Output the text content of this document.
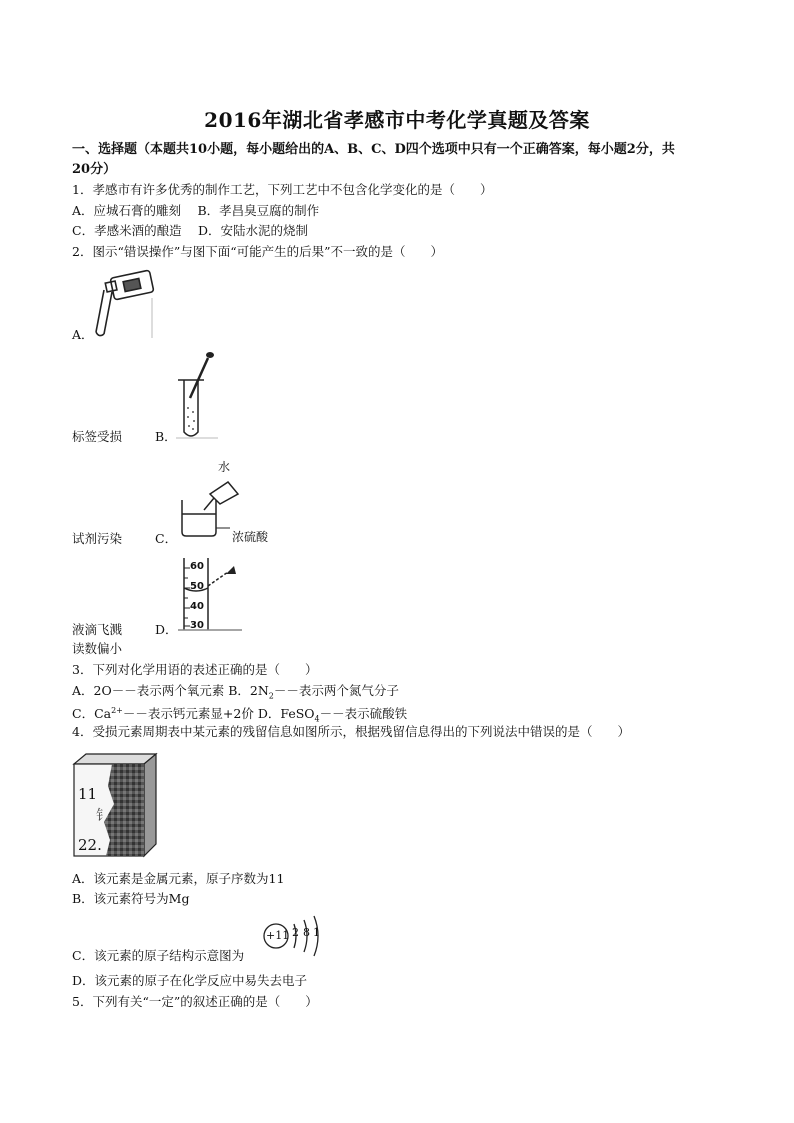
2016年湖北省孝感市中考化学真题及答案
一、选择题（本题共10小题，每小题给出的A、B、C、D四个选项中只有一个正确答案，每小题2分，共
20分）
1．孝感市有许多优秀的制作工艺，下列工艺中不包含化学变化的是（　　）
A．应城石膏的雕刻　 B．孝昌臭豆腐的制作
C．孝感米酒的酿造　 D．安陆水泥的烧制
2．图示“错误操作”与图下面“可能产生的后果”不一致的是（　　）
A．
标签受损	B．
水
浓硫酸
试剂污染	C．
60
50
40
30
液滴飞溅	D．
读数偏小
3．下列对化学用语的表述正确的是（　　）
A．2O－－表示两个氧元素 B．$2N_2--$表示两个氮气分子
C．$Ca^{2+}--$表示钙元素显+2价 D．FeSO$_4$－－表示硫酸铁
4．受损元素周期表中某元素的残留信息如图所示，根据残留信息得出的下列说法中错误的是（　　）
11
钅
22.
A．该元素是金属元素，原子序数为11
B．该元素符号为Mg
+11 2 8 1
C．该元素的原子结构示意图为
D．该元素的原子在化学反应中易失去电子
5．下列有关“一定”的叙述正确的是（　　）
